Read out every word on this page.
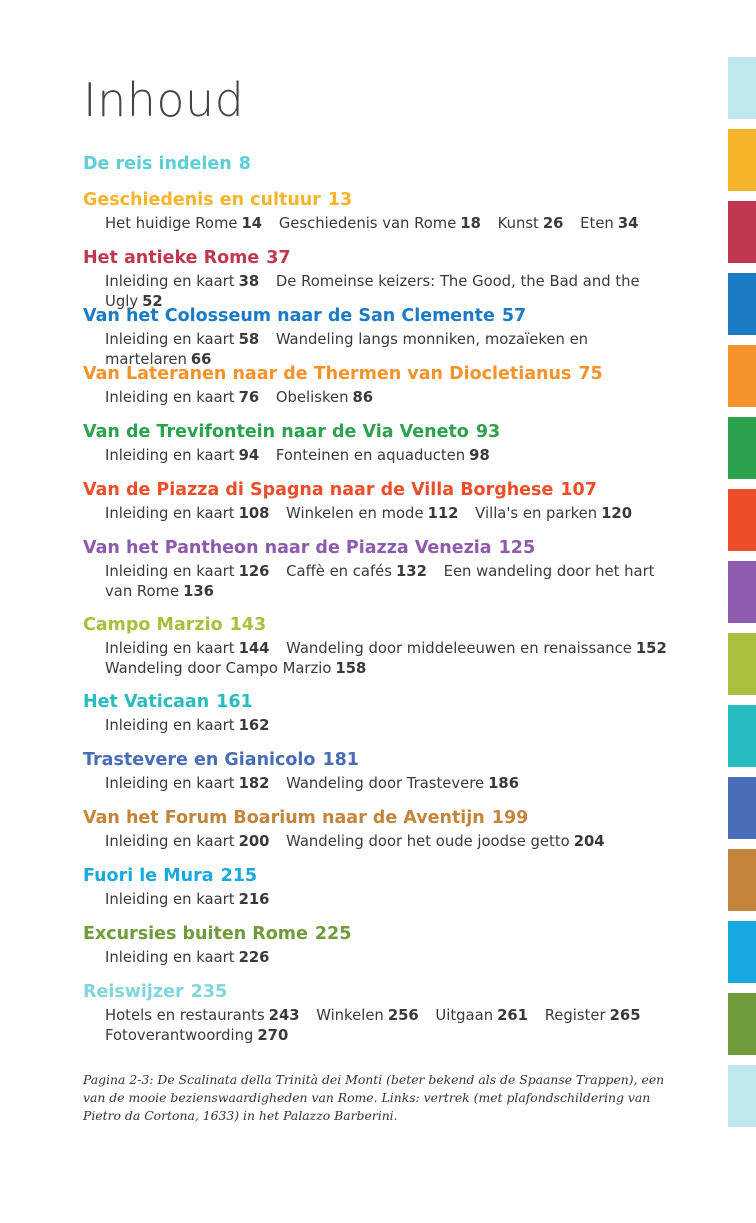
Inhoud
De reis indelen 8
Geschiedenis en cultuur 13
Het huidige Rome 14 Geschiedenis van Rome 18 Kunst 26 Eten 34
Het antieke Rome 37
Inleiding en kaart 38 De Romeinse keizers: The Good, the Bad and the Ugly 52
Van het Colosseum naar de San Clemente 57
Inleiding en kaart 58 Wandeling langs monniken, mozaïeken en martelaren 66
Van Lateranen naar de Thermen van Diocletianus 75
Inleiding en kaart 76 Obelisken 86
Van de Trevifontein naar de Via Veneto 93
Inleiding en kaart 94 Fonteinen en aquaducten 98
Van de Piazza di Spagna naar de Villa Borghese 107
Inleiding en kaart 108 Winkelen en mode 112 Villa's en parken 120
Van het Pantheon naar de Piazza Venezia 125
Inleiding en kaart 126 Caffè en cafés 132 Een wandeling door het hart van Rome 136
Campo Marzio 143
Inleiding en kaart 144 Wandeling door middeleeuwen en renaissance 152 Wandeling door Campo Marzio 158
Het Vaticaan 161
Inleiding en kaart 162
Trastevere en Gianicolo 181
Inleiding en kaart 182 Wandeling door Trastevere 186
Van het Forum Boarium naar de Aventijn 199
Inleiding en kaart 200 Wandeling door het oude joodse getto 204
Fuori le Mura 215
Inleiding en kaart 216
Excursies buiten Rome 225
Inleiding en kaart 226
Reiswijzer 235
Hotels en restaurants 243 Winkelen 256 Uitgaan 261 Register 265 Fotoverantwoording 270

Pagina 2-3: De Scalinata della Trinità dei Monti (beter bekend als de Spaanse Trappen), een van de mooie bezienswaardigheden van Rome. Links: vertrek (met plafondschildering van Pietro da Cortona, 1633) in het Palazzo Barberini.
